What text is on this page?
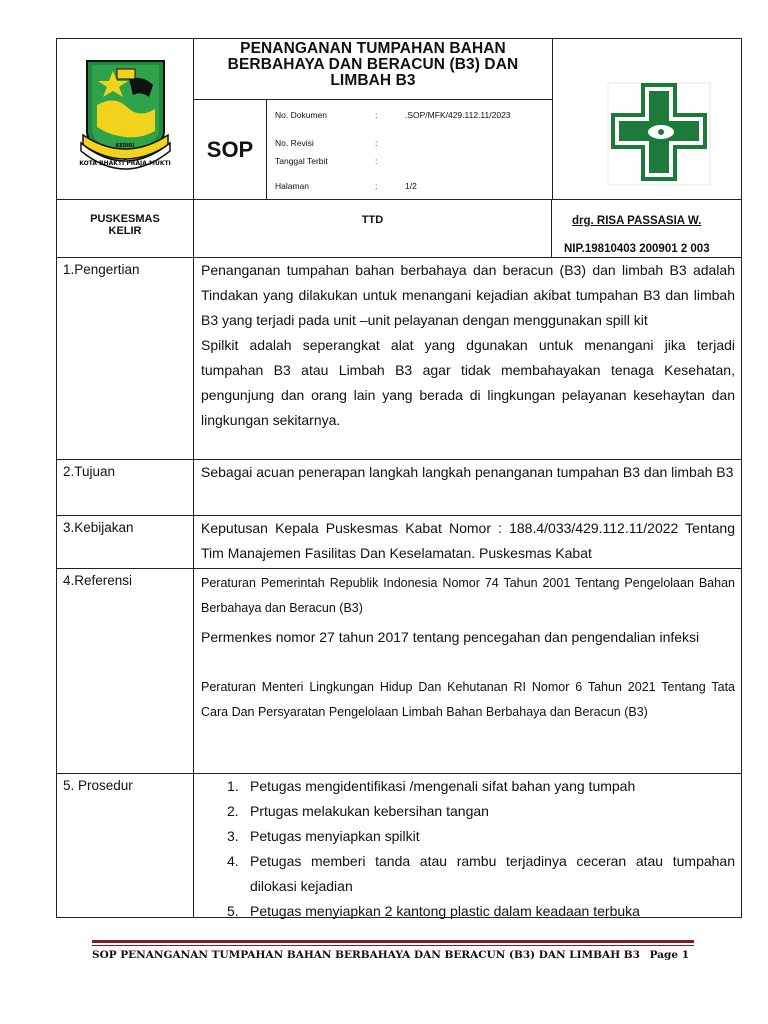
KOTA BHAKTI PRAJA MUKTI
KEDIRI
PENANGANAN TUMPAHAN BAHAN
BERBAHAYA DAN BERACUN (B3) DAN
LIMBAH B3
SOP
No. Dokumen	:	.SOP/MFK/429.112.11/2023
No. Revisi	:
Tanggal Terbit	:
Halaman	:	1/2
PUSKESMAS
KELIR
TTD	drg. RISA PASSASIA W.
NIP.19810403 200901 2 003
1.Pengertian	Penanganan tumpahan bahan berbahaya dan beracun (B3) dan limbah B3 adalah Tindakan yang dilakukan untuk menangani kejadian akibat tumpahan B3 dan limbah B3 yang terjadi pada unit –unit pelayanan dengan menggunakan spill kit

Spilkit adalah seperangkat alat yang dgunakan untuk menangani jika terjadi tumpahan B3 atau Limbah B3 agar tidak membahayakan tenaga Kesehatan, pengunjung dan orang lain yang berada di lingkungan pelayanan kesehaytan dan lingkungan sekitarnya.

2.Tujuan	Sebagai acuan penerapan langkah langkah penanganan tumpahan B3 dan limbah B3

3.Kebijakan	Keputusan Kepala Puskesmas Kabat Nomor : 188.4/033/429.112.11/2022 Tentang Tim Manajemen Fasilitas Dan Keselamatan. Puskesmas Kabat

4.Referensi	Peraturan Pemerintah Republik Indonesia Nomor 74 Tahun 2001 Tentang Pengelolaan Bahan Berbahaya dan Beracun (B3)
Permenkes nomor 27 tahun 2017 tentang pencegahan dan pengendalian infeksi
Peraturan Menteri Lingkungan Hidup Dan Kehutanan RI Nomor 6 Tahun 2021 Tentang Tata Cara Dan Persyaratan Pengelolaan Limbah Bahan Berbahaya dan Beracun (B3)
5. Prosedur	1. Petugas mengidentifikasi /mengenali sifat bahan yang tumpah
2. Prtugas melakukan kebersihan tangan
3. Petugas menyiapkan spilkit
4. Petugas memberi tanda atau rambu terjadinya ceceran atau tumpahan dilokasi kejadian
5. Petugas menyiapkan 2 kantong plastic dalam keadaan terbuka
SOP PENANGANAN TUMPAHAN BAHAN BERBAHAYA DAN BERACUN (B3) DAN LIMBAH B3 Page 1
